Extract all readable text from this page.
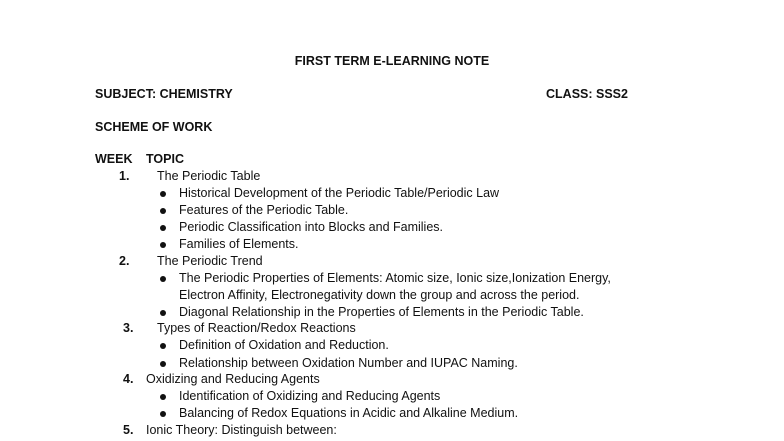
FIRST TERM E-LEARNING NOTE
SUBJECT: CHEMISTRY	CLASS: SSS2
SCHEME OF WORK
WEEK TOPIC
1. The Periodic Table
Historical Development of the Periodic Table/Periodic Law
Features of the Periodic Table.
Periodic Classification into Blocks and Families.
Families of Elements.
2. The Periodic Trend
The Periodic Properties of Elements: Atomic size, Ionic size,Ionization Energy,
Electron Affinity, Electronegativity down the group and across the period.
Diagonal Relationship in the Properties of Elements in the Periodic Table.
3. Types of Reaction/Redox Reactions
Definition of Oxidation and Reduction.
Relationship between Oxidation Number and IUPAC Naming.
4. Oxidizing and Reducing Agents
Identification of Oxidizing and Reducing Agents
Balancing of Redox Equations in Acidic and Alkaline Medium.
5. Ionic Theory: Distinguish between:
